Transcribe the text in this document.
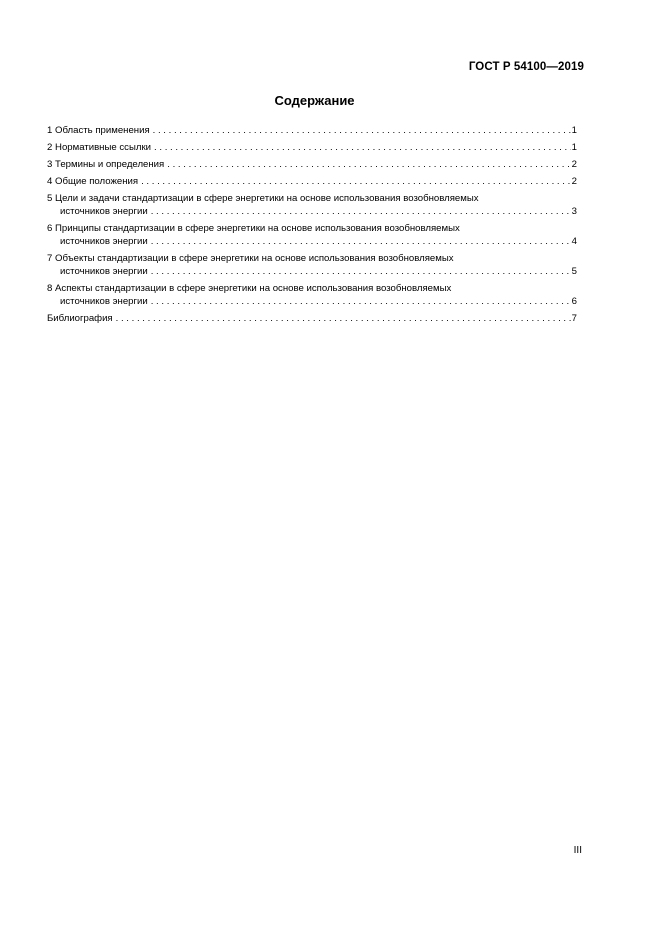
ГОСТ Р 54100—2019
Содержание
1 Область применения . . .	1
2 Нормативные ссылки . . .	1
3 Термины и определения . . .	2
4 Общие положения . . .	2
5 Цели и задачи стандартизации в сфере энергетики на основе использования возобновляемых
источников энергии . . .	3
6 Принципы стандартизации в сфере энергетики на основе использования возобновляемых
источников энергии . . .	4
7 Объекты стандартизации в сфере энергетики на основе использования возобновляемых
источников энергии . . .	5
8 Аспекты стандартизации в сфере энергетики на основе использования возобновляемых
источников энергии . . .	6
Библиография . . .	7
III
